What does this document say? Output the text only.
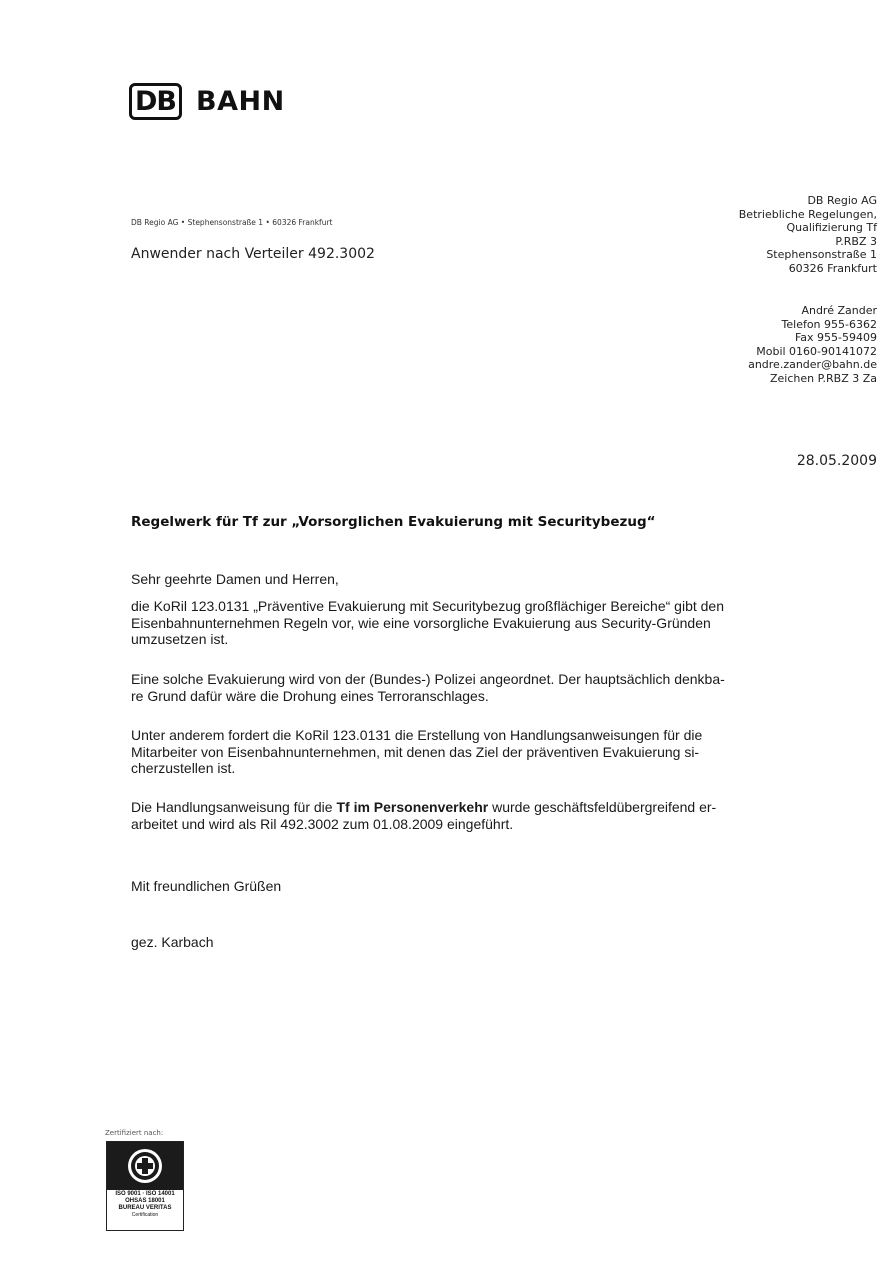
DB BAHN
DB Regio AG • Stephensonstraße 1 • 60326 Frankfurt
Anwender nach Verteiler 492.3002
DB Regio AG
Betriebliche Regelungen,
Qualifizierung Tf
P.RBZ 3
Stephensonstraße 1
60326 Frankfurt
André Zander
Telefon 955-6362
Fax 955-59409
Mobil 0160-90141072
andre.zander@bahn.de
Zeichen P.RBZ 3 Za
28.05.2009
Regelwerk für Tf zur „Vorsorglichen Evakuierung mit Securitybezug“
Sehr geehrte Damen und Herren,
die KoRil 123.0131 „Präventive Evakuierung mit Securitybezug großflächiger Bereiche“ gibt den
Eisenbahnunternehmen Regeln vor, wie eine vorsorgliche Evakuierung aus Security-Gründen
umzusetzen ist.
Eine solche Evakuierung wird von der (Bundes-) Polizei angeordnet. Der hauptsächlich denkba-
re Grund dafür wäre die Drohung eines Terroranschlages.
Unter anderem fordert die KoRil 123.0131 die Erstellung von Handlungsanweisungen für die
Mitarbeiter von Eisenbahnunternehmen, mit denen das Ziel der präventiven Evakuierung si-
cherzustellen ist.
Die Handlungsanweisung für die Tf im Personenverkehr wurde geschäftsfeldübergreifend er-
arbeitet und wird als Ril 492.3002 zum 01.08.2009 eingeführt.
Mit freundlichen Grüßen
gez. Karbach
Zertifiziert nach:
ISO 9001 · ISO 14001
OHSAS 18001
BUREAU VERITAS
Certification
